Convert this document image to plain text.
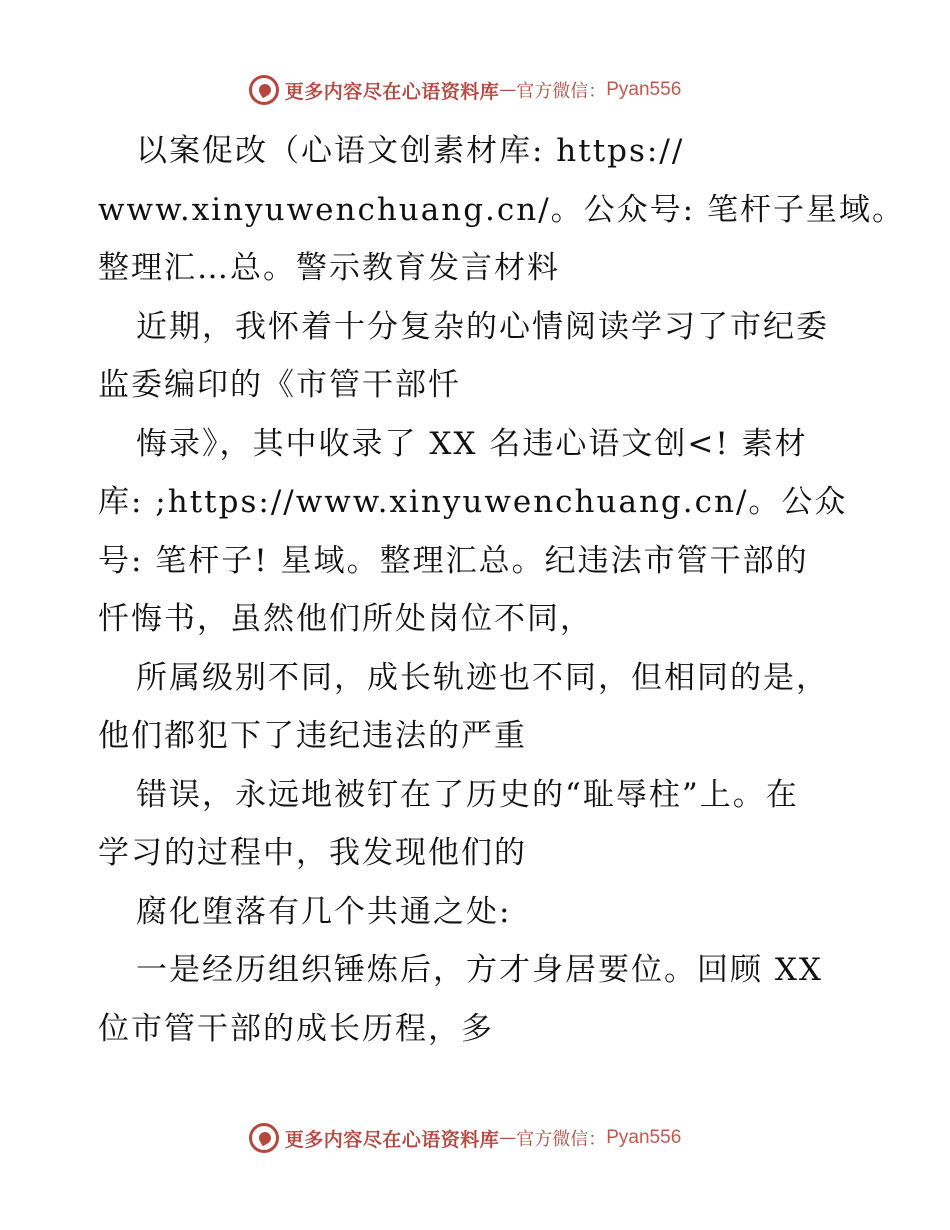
更多内容尽在心语资料库 — 官方微信： Pyan556
以案促改（心语文创素材库: https://
www.xinyuwenchuang.cn/。公众号: 笔杆子星域。
整理汇…总。警示教育发言材料
近期，我怀着十分复杂的心情阅读学习了市纪委
监委编印的《市管干部忏
悔录》，其中收录了 XX 名违心语文创<! 素材
库: ;https://www.xinyuwenchuang.cn/。公众
号: 笔杆子! 星域。整理汇总。纪违法市管干部的
忏悔书，虽然他们所处岗位不同，
所属级别不同，成长轨迹也不同，但相同的是，
他们都犯下了违纪违法的严重
错误，永远地被钉在了历史的“耻辱柱”上。在
学习的过程中，我发现他们的
腐化堕落有几个共通之处:
一是经历组织锤炼后，方才身居要位。回顾 XX
位市管干部的成长历程，多
更多内容尽在心语资料库 — 官方微信： Pyan556
